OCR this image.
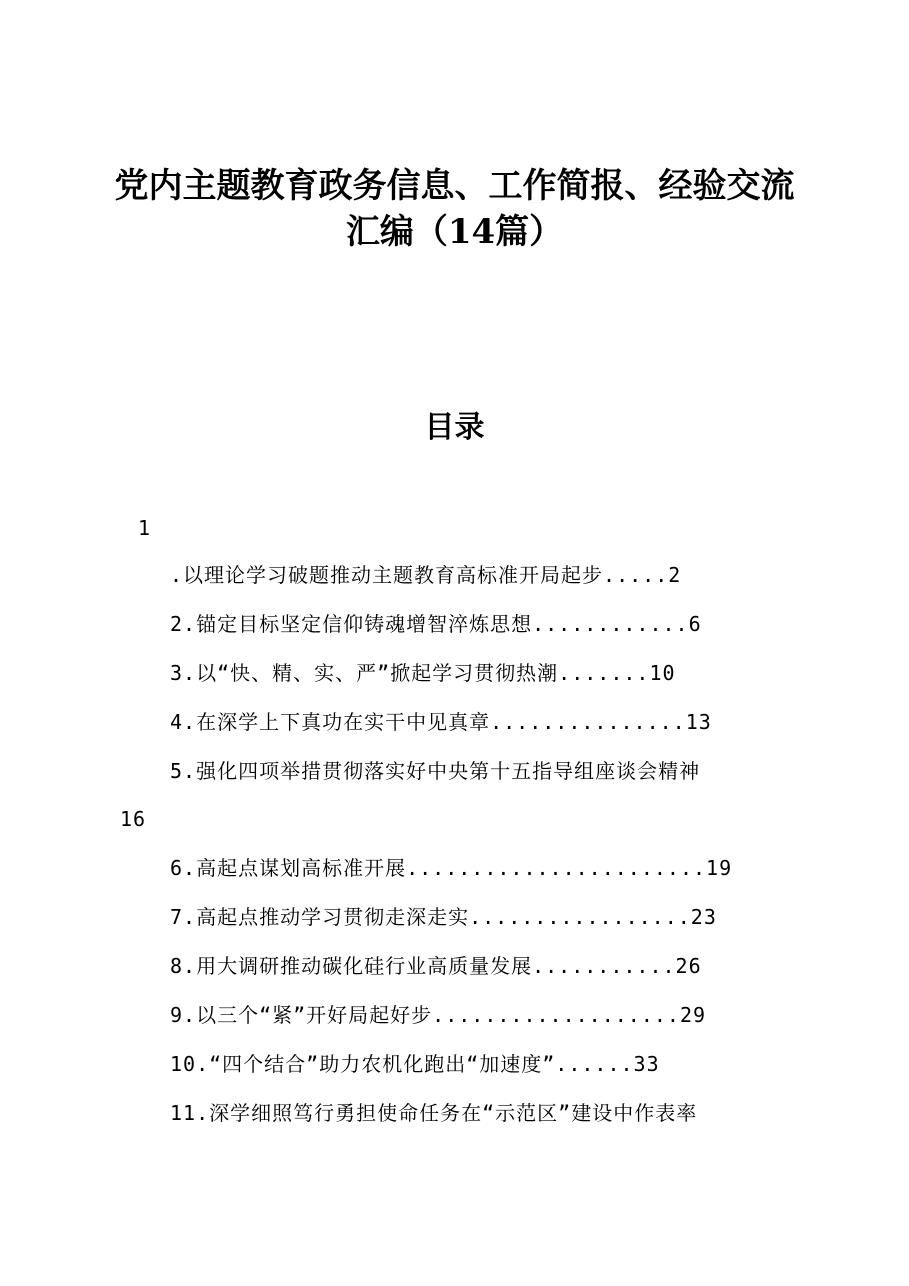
党内主题教育政务信息、工作简报、经验交流
汇编（14篇）
目录
1
.以理论学习破题推动主题教育高标准开局起步.....2
2.锚定目标坚定信仰铸魂增智淬炼思想............6
3.以“快、精、实、严”掀起学习贯彻热潮.......10
4.在深学上下真功在实干中见真章...............13
5.强化四项举措贯彻落实好中央第十五指导组座谈会精神
16
6.高起点谋划高标准开展.......................19
7.高起点推动学习贯彻走深走实.................23
8.用大调研推动碳化硅行业高质量发展...........26
9.以三个“紧”开好局起好步...................29
10.“四个结合”助力农机化跑出“加速度”......33
11.深学细照笃行勇担使命任务在“示范区”建设中作表率
